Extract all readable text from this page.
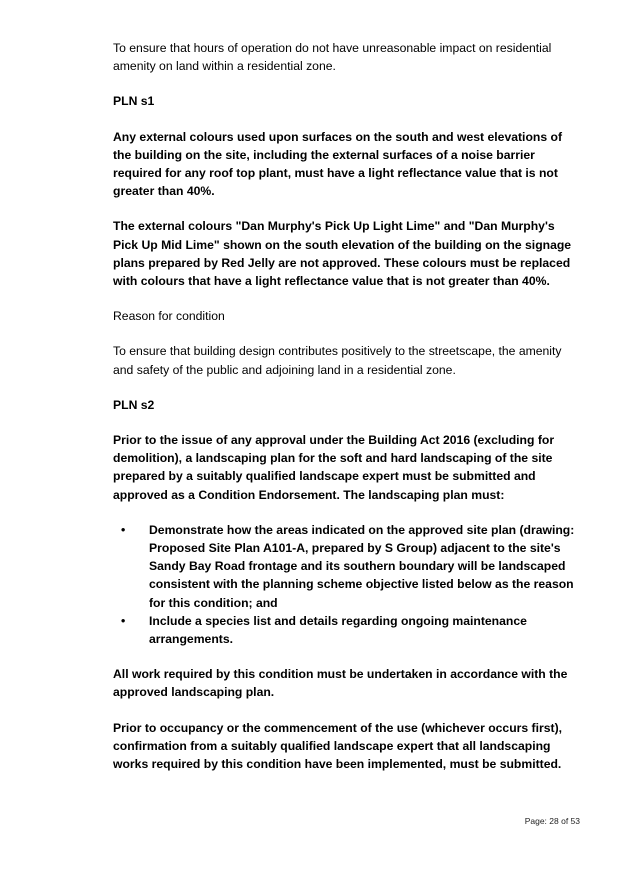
To ensure that hours of operation do not have unreasonable impact on residential amenity on land within a residential zone.

PLN s1

Any external colours used upon surfaces on the south and west elevations of the building on the site, including the external surfaces of a noise barrier required for any roof top plant, must have a light reflectance value that is not greater than 40%.

The external colours "Dan Murphy's Pick Up Light Lime" and "Dan Murphy's Pick Up Mid Lime" shown on the south elevation of the building on the signage plans prepared by Red Jelly are not approved. These colours must be replaced with colours that have a light reflectance value that is not greater than 40%.

Reason for condition

To ensure that building design contributes positively to the streetscape, the amenity and safety of the public and adjoining land in a residential zone.

PLN s2

Prior to the issue of any approval under the Building Act 2016 (excluding for demolition), a landscaping plan for the soft and hard landscaping of the site prepared by a suitably qualified landscape expert must be submitted and approved as a Condition Endorsement. The landscaping plan must:

• Demonstrate how the areas indicated on the approved site plan (drawing: Proposed Site Plan A101-A, prepared by S Group) adjacent to the site's Sandy Bay Road frontage and its southern boundary will be landscaped consistent with the planning scheme objective listed below as the reason for this condition; and
• Include a species list and details regarding ongoing maintenance arrangements.

All work required by this condition must be undertaken in accordance with the approved landscaping plan.

Prior to occupancy or the commencement of the use (whichever occurs first), confirmation from a suitably qualified landscape expert that all landscaping works required by this condition have been implemented, must be submitted.

Page: 28 of 53
